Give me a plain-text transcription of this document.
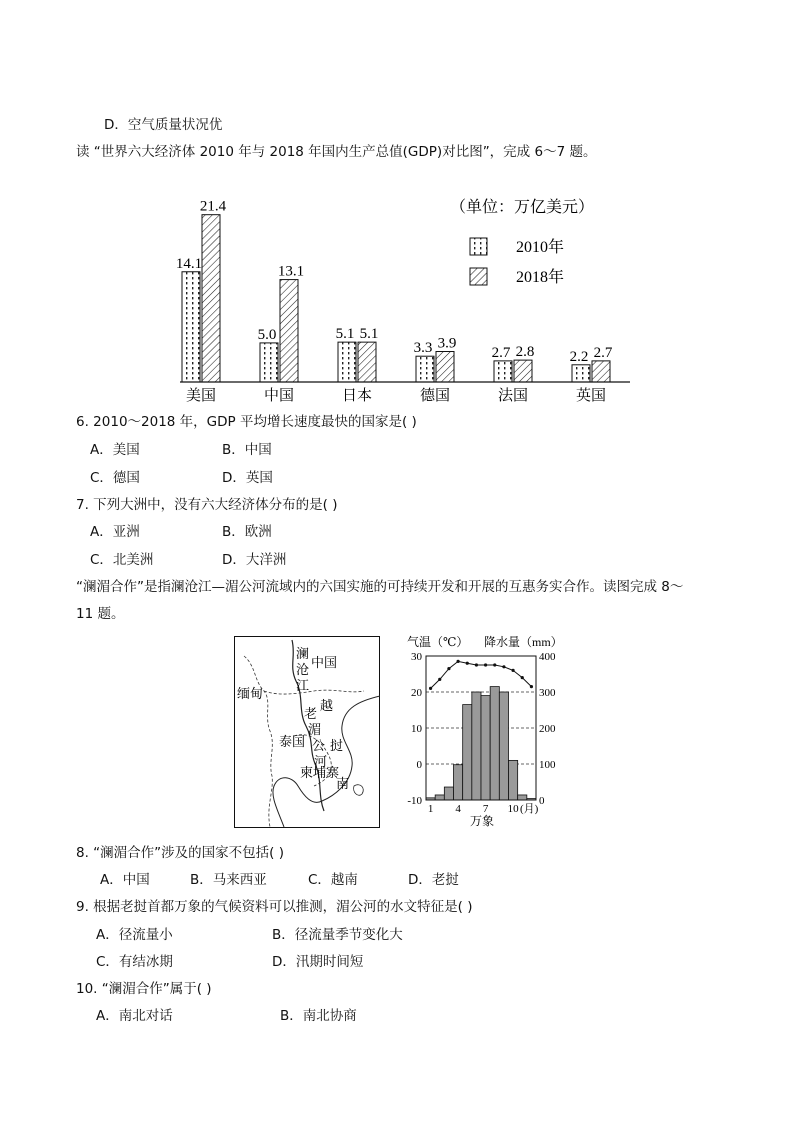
D．空气质量状况优
读 “世界六大经济体 2010 年与 2018 年国内生产总值(GDP)对比图”，完成 6～7 题。
14.1
21.4
美国
5.0
13.1
中国
5.1 5.1
日本
3.3 3.9
德国
2.7 2.8
法国
2.2 2.7
英国
（单位：万亿美元）
2010年
2018年
6. 2010～2018 年，GDP 平均增长速度最快的国家是( )
A．美国	B．中国
C．德国	D．英国
7. 下列大洲中，没有六大经济体分布的是( )
A．亚洲	B．欧洲
C．北美洲	D．大洋洲
“澜湄合作”是指澜沧江—湄公河流域内的六国实施的可持续开发和开展的互惠务实合作。读图完成 8～
11 题。
澜
沧 中国
江
缅甸
老
越
湄
泰国 公 挝
河
柬埔寨
南
气温（℃） 降水量（mm）
30
20
10
0
-10
400
300
200
100
0
1 4 7 10 (月)
万象
8. “澜湄合作”涉及的国家不包括( )
A．中国	B．马来西亚	C．越南	D．老挝
9. 根据老挝首都万象的气候资料可以推测，湄公河的水文特征是( )
A．径流量小	B．径流量季节变化大
C．有结冰期	D．汛期时间短
10. “澜湄合作”属于( )
A．南北对话	B．南北协商
